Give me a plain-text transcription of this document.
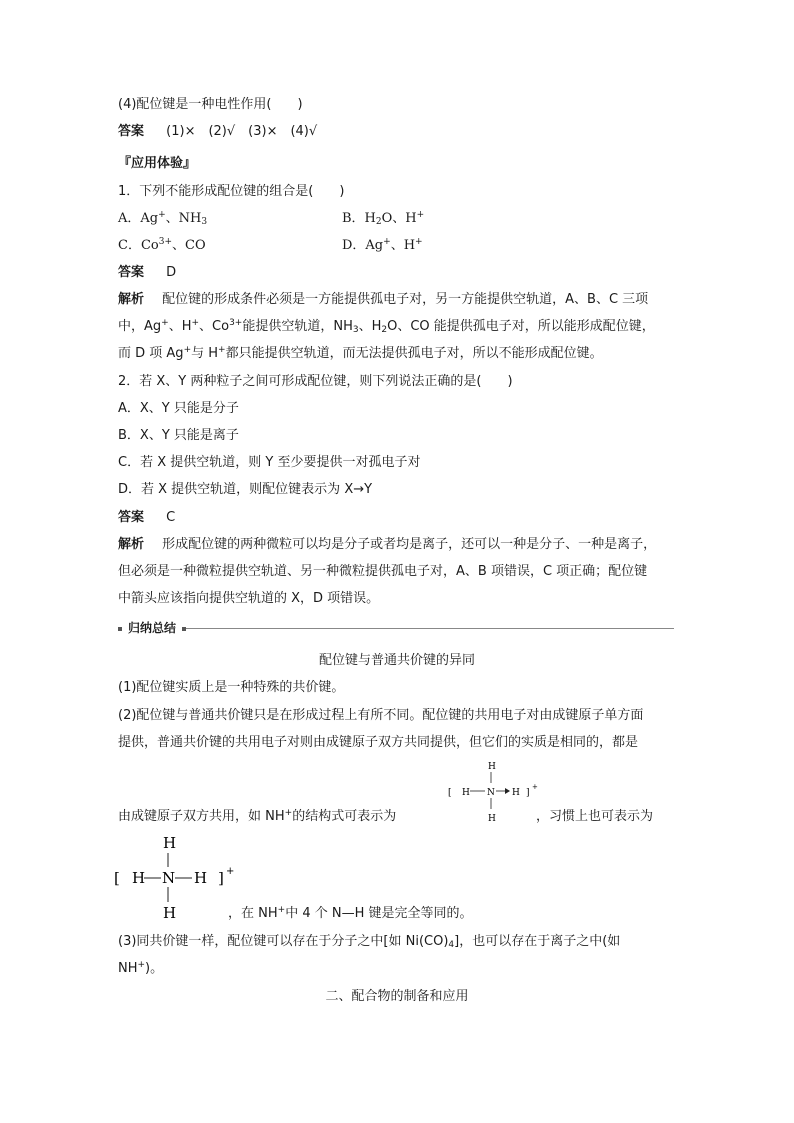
(4)配位键是一种电性作用(　　)
答案 (1)×　(2)√　(3)×　(4)√
『应用体验』
1．下列不能形成配位键的组合是(　　)
A．Ag+、$NH_3$	B．$H_2O$、H+
C．$Co^{3+}$、CO	D．Ag+、H+
答案 D
解析 配位键的形成条件必须是一方能提供孤电子对，另一方能提供空轨道，A、B、C 三项
中，Ag+、H+、$Co^{3+}$能提供空轨道，$NH_3$、$H_2O$、CO 能提供孤电子对，所以能形成配位键，
而 D 项 Ag+与 H+都只能提供空轨道，而无法提供孤电子对，所以不能形成配位键。
2．若 X、Y 两种粒子之间可形成配位键，则下列说法正确的是(　　)
A．X、Y 只能是分子
B．X、Y 只能是离子
C．若 X 提供空轨道，则 Y 至少要提供一对孤电子对
D．若 X 提供空轨道，则配位键表示为 X→Y
答案 C
解析 形成配位键的两种微粒可以均是分子或者均是离子，还可以一种是分子、一种是离子，
但必须是一种微粒提供空轨道、另一种微粒提供孤电子对，A、B 项错误，C 项正确；配位键
中箭头应该指向提供空轨道的 X，D 项错误。
归纳总结
配位键与普通共价键的异同
(1)配位键实质上是一种特殊的共价键。
(2)配位键与普通共价键只是在形成过程上有所不同。配位键的共用电子对由成键原子单方面
提供，普通共价键的共用电子对则由成键原子双方共同提供，但它们的实质是相同的，都是
H
[ H N H ]
+
H
由成键原子双方共用，如 NH+的结构式可表示为	，习惯上也可表示为
H
[ H N H ] +
H	，在 NH+中 4 个 N—H 键是完全等同的。
(3)同共价键一样，配位键可以存在于分子之中[如 $Ni(CO)_4$]，也可以存在于离子之中(如
NH+)。
二、配合物的制备和应用
